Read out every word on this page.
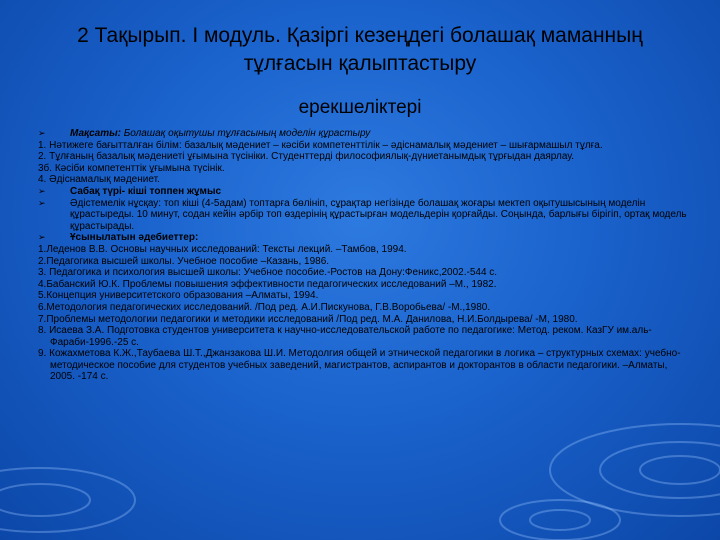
2 Тақырып. I модуль. Қазіргі кезеңдегі болашақ маманның тұлғасын қалыптастыру
ерекшеліктері

➢ Мақсаты: Болашақ оқытушы тұлғасының моделін құрастыру

1. Нәтижеге бағытталған білім: базалық мәдениет – кәсіби компетенттілік – әдіснамалық мәдениет – шығармашыл тұлға.

2. Тұлғаның базалық мәдениеті ұғымына түсініки. Студенттерді философиялық-дүниетанымдық тұрғыдан даярлау.

3б. Кәсіби компетенттік ұғымына түсінік.

4. Әдіснамалық мәдениет.

➢ Сабақ түрі- кіші топпен жұмыс

➢ Әдістемелік нұсқау: топ кіші (4-5адам) топтарға бөлініп, сұрақтар негізінде болашақ жоғары мектеп оқытушысының моделін құрастыреды. 10 минут, содан кейін әрбір топ өздерінің құрастырған модельдерін қорғайды. Соңында, барлығы бірігіп, ортақ модель құрастырады.

➢ Ұсынылатын әдебиеттер:

1.Леденов В.В. Основы научных исследований: Тексты лекций. –Тамбов, 1994.

2.Педагогика высшей школы. Учебное пособие –Казань, 1986.

3. Педагогика и психология высшей школы: Учебное пособие.-Ростов на Дону:Феникс,2002.-544 с.

4.Бабанский Ю.К. Проблемы повышения эффективности педагогических исследований –М., 1982.

5.Концепция университетского образования –Алматы, 1994.

6.Методология педагогических исследований. /Под ред. А.И.Пискунова, Г.В.Воробьева/ -М.,1980.

7.Проблемы методологии педагогики и методики исследований /Под ред. М.А. Данилова, Н.И.Болдырева/ -М, 1980.

8. Исаева З.А. Подготовка студентов университета к научно-исследовательской работе по педагогике: Метод. реком. КазГУ им.аль-Фараби-1996.-25 с.

9. Кожахметова К.Ж.,Таубаева Ш.Т.,Джанзакова Ш.И. Методолгия общей и этнической педагогики в логика – структурных схемах: учебно-методическое пособие для студентов учебных заведений, магистрантов, аспирантов и докторантов в области педагогики. –Алматы, 2005. -174 с.
